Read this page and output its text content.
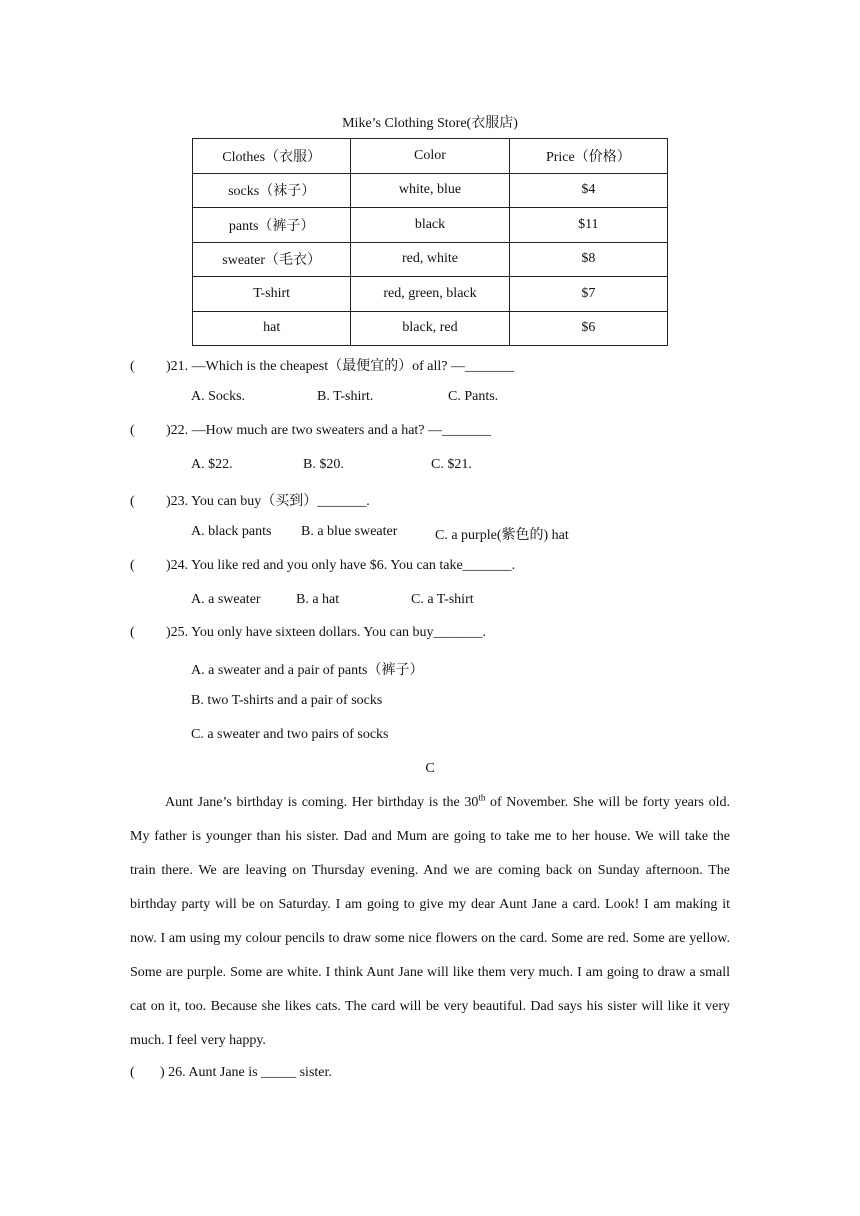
Mike’s Clothing Store(衣服店)
Clothes（衣服）	Color	Price（价格）
socks（袜子）	white, blue	$4
pants（裤子）	black	$11
sweater（毛衣）	red, white	$8
T-shirt	red, green, black	$7
hat	black, red	$6
( )21. —Which is the cheapest（最便宜的）of all? —_______
A. Socks.	B. T-shirt.	C. Pants.
( )22. —How much are two sweaters and a hat? —_______
A. $22.	B. $20.	C. $21.
( )23. You can buy（买到）_______.
A. black pants B. a blue sweater	C. a purple(紫色的) hat
( )24. You like red and you only have $6. You can take_______.
A. a sweater	B. a hat	C. a T-shirt
( )25. You only have sixteen dollars. You can buy_______.
A. a sweater and a pair of pants（裤子）
B. two T-shirts and a pair of socks
C. a sweater and two pairs of socks
C

Aunt Jane’s birthday is coming. Her birthday is the 30th of November. She will be forty years old. My father is younger than his sister. Dad and Mum are going to take me to her house. We will take the train there. We are leaving on Thursday evening. And we are coming back on Sunday afternoon. The birthday party will be on Saturday. I am going to give my dear Aunt Jane a card. Look! I am making it now. I am using my colour pencils to draw some nice flowers on the card. Some are red. Some are yellow. Some are purple. Some are white. I think Aunt Jane will like them very much. I am going to draw a small cat on it, too. Because she likes cats. The card will be very beautiful. Dad says his sister will like it very much. I feel very happy.

( ) 26. Aunt Jane is _____ sister.
